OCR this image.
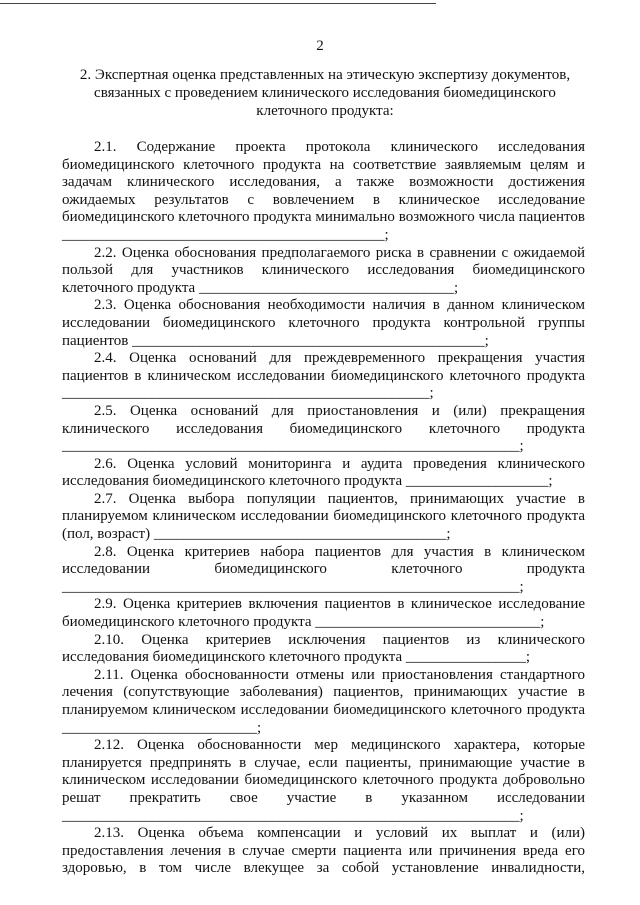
2
2. Экспертная оценка представленных на этическую экспертизу документов, связанных с проведением клинического исследования биомедицинского клеточного продукта:

2.1. Содержание проекта протокола клинического исследования биомедицинского клеточного продукта на соответствие заявляемым целям и задачам клинического исследования, а также возможности достижения ожидаемых результатов с вовлечением в клиническое исследование биомедицинского клеточного продукта минимально возможного числа пациентов ___________________________________________;

2.2. Оценка обоснования предполагаемого риска в сравнении с ожидаемой пользой для участников клинического исследования биомедицинского клеточного продукта __________________________________;

2.3. Оценка обоснования необходимости наличия в данном клиническом исследовании биомедицинского клеточного продукта контрольной группы пациентов _______________________________________________;

2.4. Оценка оснований для преждевременного прекращения участия пациентов в клиническом исследовании биомедицинского клеточного продукта _________________________________________________;

2.5. Оценка оснований для приостановления и (или) прекращения клинического исследования биомедицинского клеточного продукта _____________________________________________________________;

2.6. Оценка условий мониторинга и аудита проведения клинического исследования биомедицинского клеточного продукта ___________________;

2.7. Оценка выбора популяции пациентов, принимающих участие в планируемом клиническом исследовании биомедицинского клеточного продукта (пол, возраст) _______________________________________;

2.8. Оценка критериев набора пациентов для участия в клиническом исследовании биомедицинского клеточного продукта _____________________________________________________________;

2.9. Оценка критериев включения пациентов в клиническое исследование биомедицинского клеточного продукта ______________________________;

2.10. Оценка критериев исключения пациентов из клинического исследования биомедицинского клеточного продукта ________________;

2.11. Оценка обоснованности отмены или приостановления стандартного лечения (сопутствующие заболевания) пациентов, принимающих участие в планируемом клиническом исследовании биомедицинского клеточного продукта __________________________;

2.12. Оценка обоснованности мер медицинского характера, которые планируется предпринять в случае, если пациенты, принимающие участие в клиническом исследовании биомедицинского клеточного продукта добровольно решат прекратить свое участие в указанном исследовании _____________________________________________________________;

2.13. Оценка объема компенсации и условий их выплат и (или) предоставления лечения в случае смерти пациента или причинения вреда его здоровью, в том числе влекущее за собой установление инвалидности,
